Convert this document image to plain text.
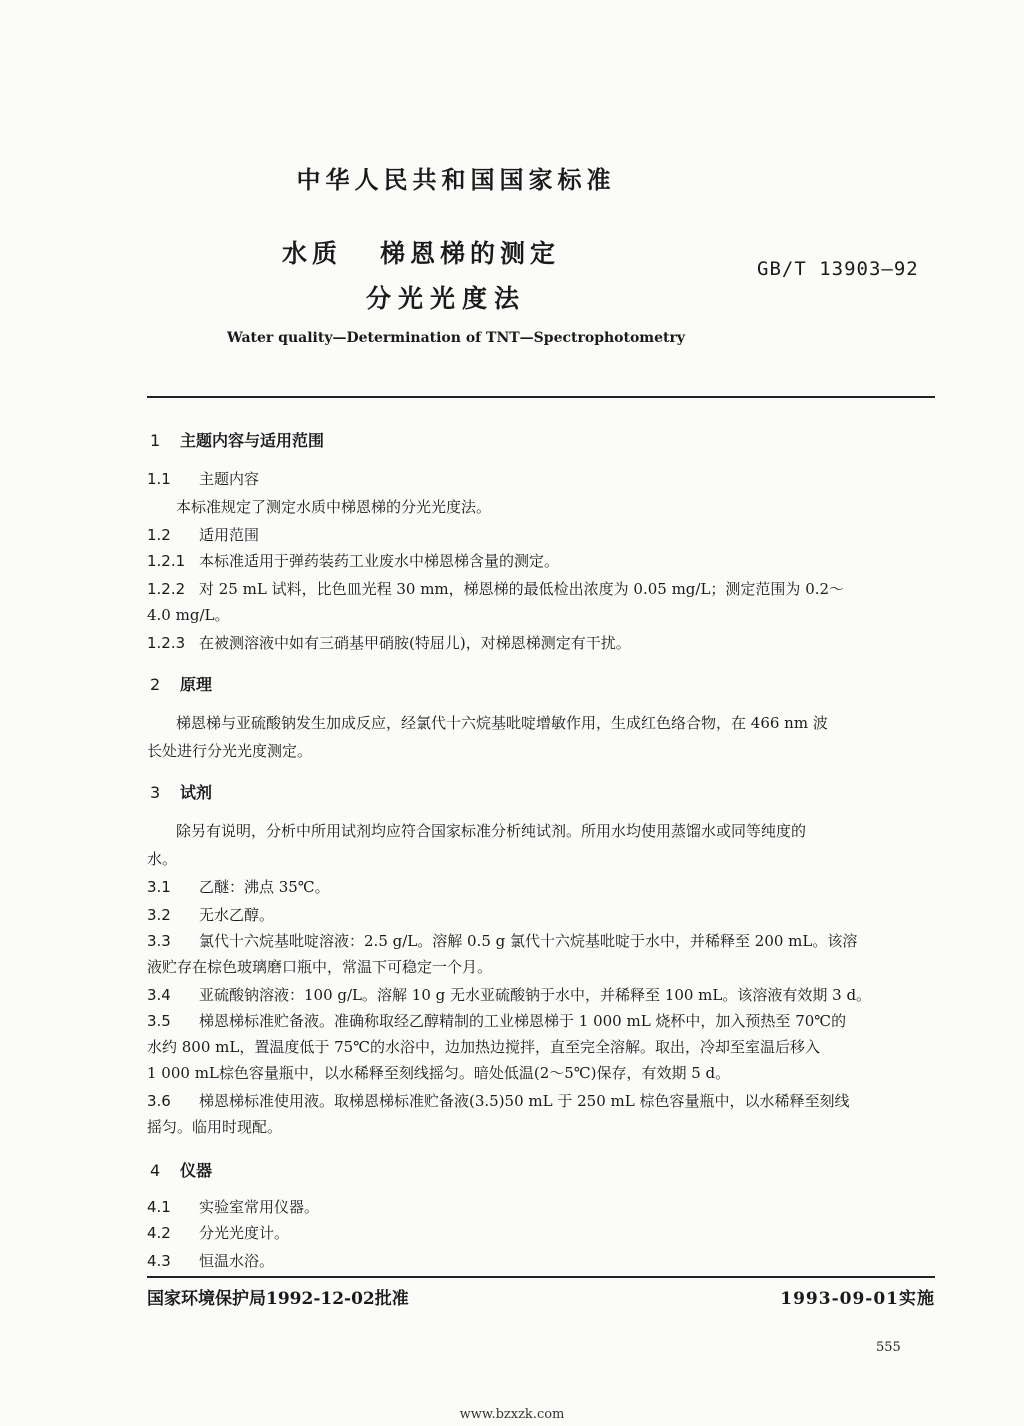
中华人民共和国国家标准
水质 梯恩梯的测定
分光光度法
GB/T 13903—92
Water quality—Determination of TNT—Spectrophotometry
1 主题内容与适用范围
1.1 主题内容
本标准规定了测定水质中梯恩梯的分光光度法。
1.2 适用范围
1.2.1 本标准适用于弹药装药工业废水中梯恩梯含量的测定。
1.2.2 对 25 mL 试料，比色皿光程 30 mm，梯恩梯的最低检出浓度为 0.05 mg/L；测定范围为 0.2～
4.0 mg/L。
1.2.3 在被测溶液中如有三硝基甲硝胺(特屈儿)，对梯恩梯测定有干扰。
2 原理
梯恩梯与亚硫酸钠发生加成反应，经氯代十六烷基吡啶增敏作用，生成红色络合物，在 466 nm 波
长处进行分光光度测定。
3 试剂
除另有说明，分析中所用试剂均应符合国家标准分析纯试剂。所用水均使用蒸馏水或同等纯度的
水。
3.1 乙醚：沸点 35℃。
3.2 无水乙醇。
3.3 氯代十六烷基吡啶溶液：2.5 g/L。溶解 0.5 g 氯代十六烷基吡啶于水中，并稀释至 200 mL。该溶
液贮存在棕色玻璃磨口瓶中，常温下可稳定一个月。
3.4 亚硫酸钠溶液：100 g/L。溶解 10 g 无水亚硫酸钠于水中，并稀释至 100 mL。该溶液有效期 3 d。
3.5 梯恩梯标准贮备液。准确称取经乙醇精制的工业梯恩梯于 1 000 mL 烧杯中，加入预热至 70℃的
水约 800 mL，置温度低于 75℃的水浴中，边加热边搅拌，直至完全溶解。取出，冷却至室温后移入
1 000 mL棕色容量瓶中，以水稀释至刻线摇匀。暗处低温(2～5℃)保存，有效期 5 d。
3.6 梯恩梯标准使用液。取梯恩梯标准贮备液(3.5)50 mL 于 250 mL 棕色容量瓶中，以水稀释至刻线
摇匀。临用时现配。
4 仪器
4.1 实验室常用仪器。
4.2 分光光度计。
4.3 恒温水浴。
国家环境保护局1992-12-02批准	1993-09-01实施
555
www.bzxzk.com
